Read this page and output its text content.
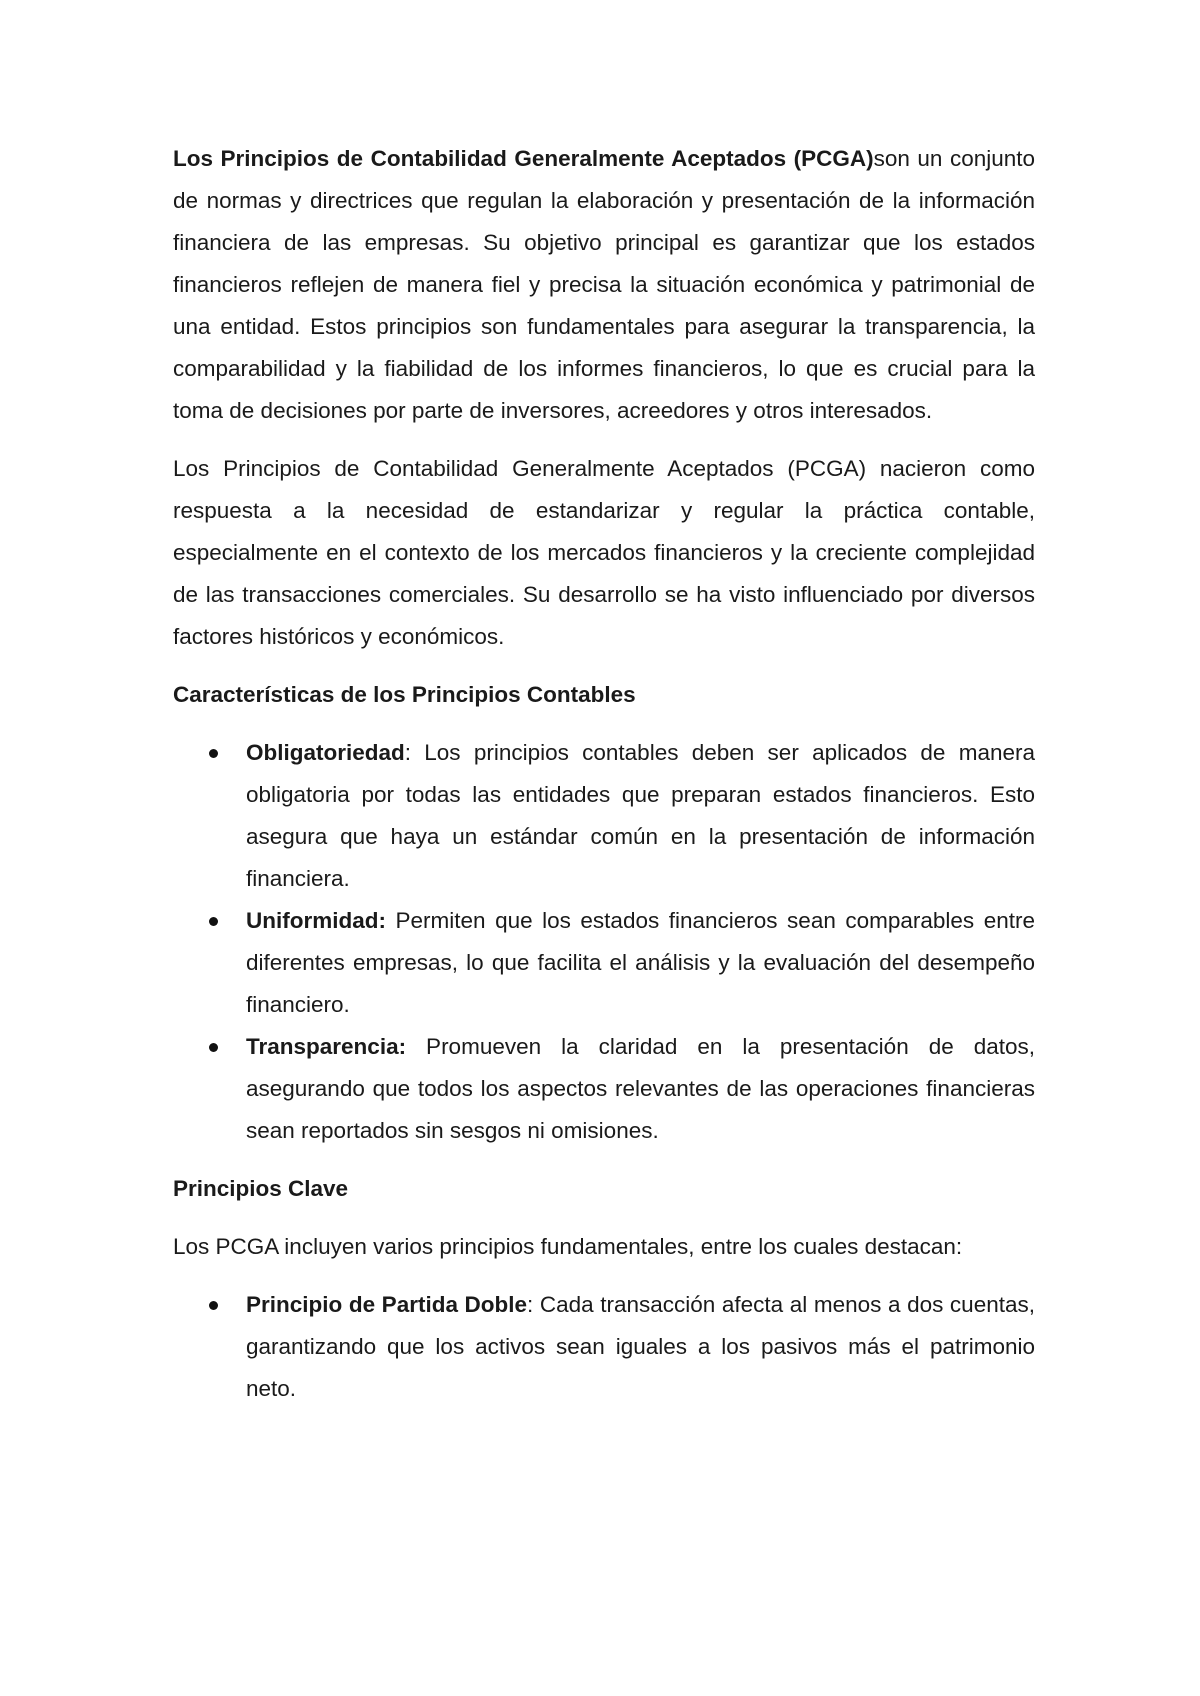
Los Principios de Contabilidad Generalmente Aceptados (PCGA)son un conjunto de normas y directrices que regulan la elaboración y presentación de la información financiera de las empresas. Su objetivo principal es garantizar que los estados financieros reflejen de manera fiel y precisa la situación económica y patrimonial de una entidad. Estos principios son fundamentales para asegurar la transparencia, la comparabilidad y la fiabilidad de los informes financieros, lo que es crucial para la toma de decisiones por parte de inversores, acreedores y otros interesados.

Los Principios de Contabilidad Generalmente Aceptados (PCGA) nacieron como respuesta a la necesidad de estandarizar y regular la práctica contable, especialmente en el contexto de los mercados financieros y la creciente complejidad de las transacciones comerciales. Su desarrollo se ha visto influenciado por diversos factores históricos y económicos.

Características de los Principios Contables

Obligatoriedad: Los principios contables deben ser aplicados de manera obligatoria por todas las entidades que preparan estados financieros. Esto asegura que haya un estándar común en la presentación de información financiera.
Uniformidad: Permiten que los estados financieros sean comparables entre diferentes empresas, lo que facilita el análisis y la evaluación del desempeño financiero.
Transparencia: Promueven la claridad en la presentación de datos, asegurando que todos los aspectos relevantes de las operaciones financieras sean reportados sin sesgos ni omisiones.

Principios Clave

Los PCGA incluyen varios principios fundamentales, entre los cuales destacan:

Principio de Partida Doble: Cada transacción afecta al menos a dos cuentas, garantizando que los activos sean iguales a los pasivos más el patrimonio neto.
